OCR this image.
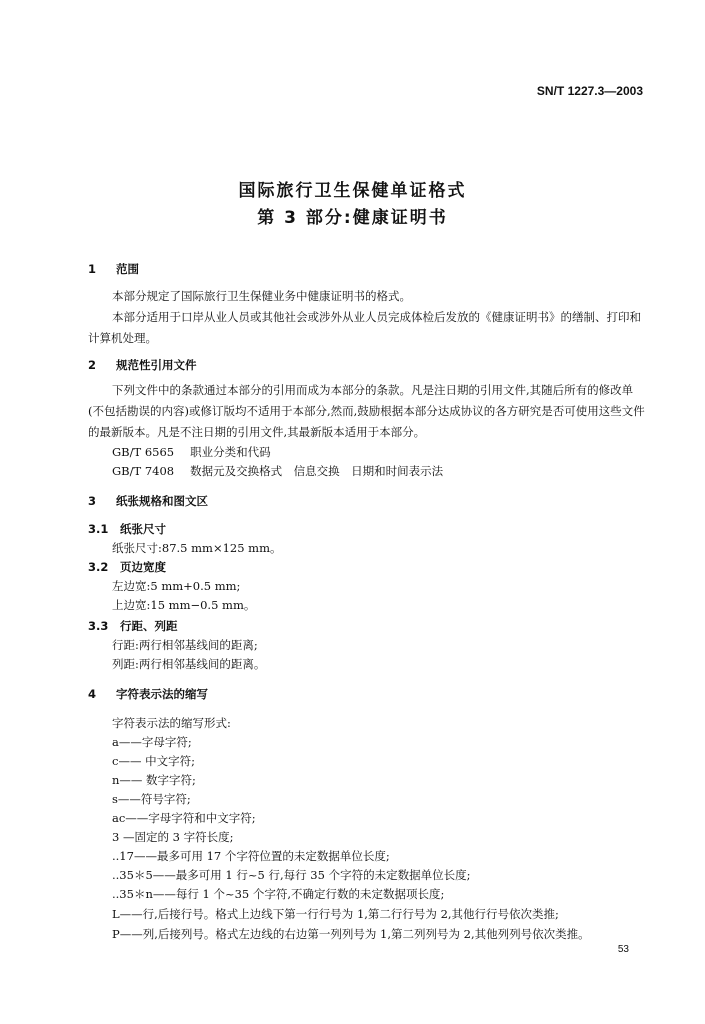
SN/T 1227.3—2003
国际旅行卫生保健单证格式
第 3 部分:健康证明书
1 范围
本部分规定了国际旅行卫生保健业务中健康证明书的格式。
本部分适用于口岸从业人员或其他社会或涉外从业人员完成体检后发放的《健康证明书》的缮制、打印和计算机处理。
2 规范性引用文件
下列文件中的条款通过本部分的引用而成为本部分的条款。凡是注日期的引用文件,其随后所有的修改单(不包括勘误的内容)或修订版均不适用于本部分,然而,鼓励根据本部分达成协议的各方研究是否可使用这些文件的最新版本。凡是不注日期的引用文件,其最新版本适用于本部分。
GB/T 6565 职业分类和代码
GB/T 7408 数据元及交换格式　信息交换　日期和时间表示法
3 纸张规格和图文区
3.1 纸张尺寸
纸张尺寸:87.5 mm×125 mm。
3.2 页边宽度
左边宽:5 mm+0.5 mm;
上边宽:15 mm−0.5 mm。
3.3 行距、列距
行距:两行相邻基线间的距离;
列距:两行相邻基线间的距离。
4 字符表示法的缩写
字符表示法的缩写形式:
a——字母字符;
c—— 中文字符;
n—— 数字字符;
s——符号字符;
ac——字母字符和中文字符;
3 —固定的 3 字符长度;
..17——最多可用 17 个字符位置的未定数据单位长度;
..35＊5——最多可用 1 行~5 行,每行 35 个字符的未定数据单位长度;
..35＊n——每行 1 个~35 个字符,不确定行数的未定数据项长度;
L——行,后接行号。格式上边线下第一行行号为 1,第二行行号为 2,其他行行号依次类推;
P——列,后接列号。格式左边线的右边第一列列号为 1,第二列列号为 2,其他列列号依次类推。
53
